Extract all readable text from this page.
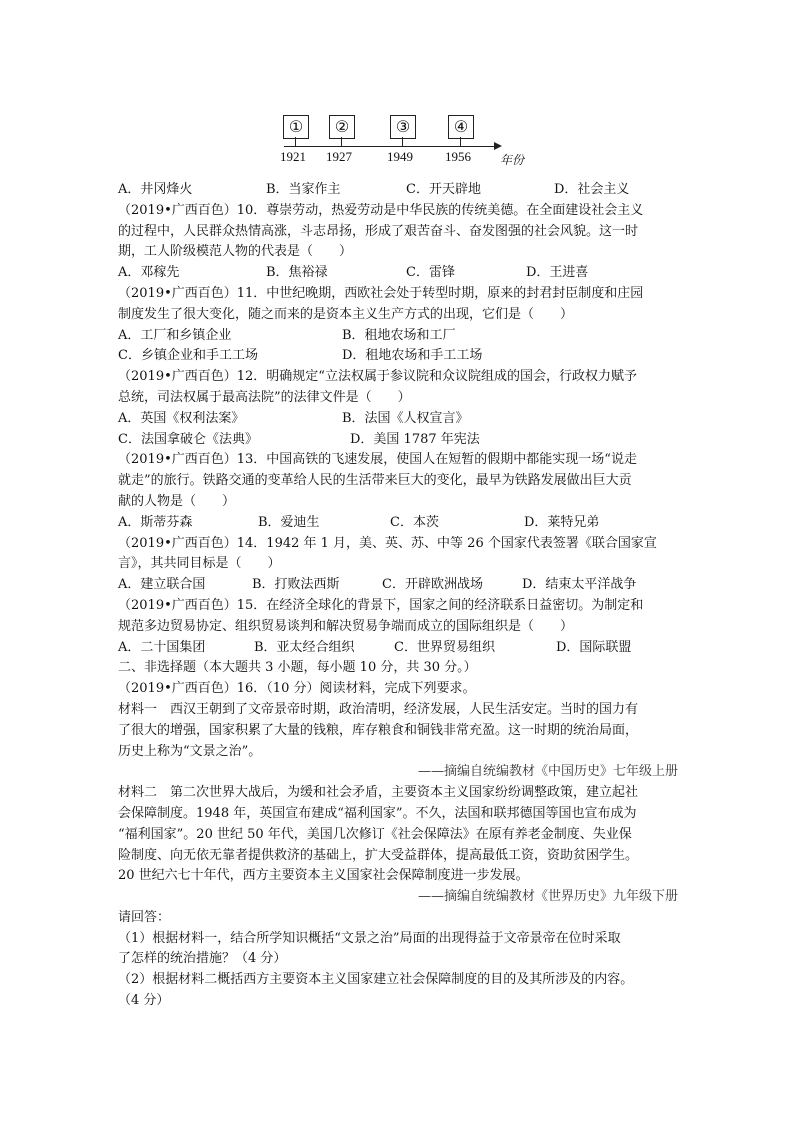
①
1921
②
1927
③
1949
④
1956 年份
A．井冈烽火	B．当家作主	C．开天辟地	D．社会主义
（2019•广西百色）10．尊崇劳动，热爱劳动是中华民族的传统美德。在全面建设社会主义
的过程中，人民群众热情高涨，斗志昂扬，形成了艰苦奋斗、奋发图强的社会风貌。这一时
期，工人阶级模范人物的代表是（　　）
A．邓稼先	B．焦裕禄	C．雷锋	D．王进喜
（2019•广西百色）11．中世纪晚期，西欧社会处于转型时期，原来的封君封臣制度和庄园
制度发生了很大变化，随之而来的是资本主义生产方式的出现，它们是（　　）
A．工厂和乡镇企业	B．租地农场和工厂
C．乡镇企业和手工工场	D．租地农场和手工工场
（2019•广西百色）12．明确规定“立法权属于参议院和众议院组成的国会，行政权力赋予
总统，司法权属于最高法院”的法律文件是（　　）
A．英国《权利法案》	B．法国《人权宣言》
C．法国拿破仑《法典》	D．美国 1787 年宪法
（2019•广西百色）13．中国高铁的飞速发展，使国人在短暂的假期中都能实现一场“说走
就走”的旅行。铁路交通的变革给人民的生活带来巨大的变化，最早为铁路发展做出巨大贡
献的人物是（　　）
A．斯蒂芬森	B．爱迪生	C．本茨	D．莱特兄弟
（2019•广西百色）14．1942 年 1 月，美、英、苏、中等 26 个国家代表签署《联合国家宣
言》，其共同目标是（　　）
A．建立联合国	B．打败法西斯	C．开辟欧洲战场	D．结束太平洋战争
（2019•广西百色）15．在经济全球化的背景下，国家之间的经济联系日益密切。为制定和
规范多边贸易协定、组织贸易谈判和解决贸易争端而成立的国际组织是（　　）
A．二十国集团	B．亚太经合组织	C．世界贸易组织	D．国际联盟
二、非选择题（本大题共 3 小题，每小题 10 分，共 30 分。）
（2019•广西百色）16．（10 分）阅读材料，完成下列要求。
材料一　西汉王朝到了文帝景帝时期，政治清明，经济发展，人民生活安定。当时的国力有
了很大的增强，国家积累了大量的钱粮，库存粮食和铜钱非常充盈。这一时期的统治局面，
历史上称为“文景之治”。
——摘编自统编教材《中国历史》七年级上册
材料二　第二次世界大战后，为缓和社会矛盾，主要资本主义国家纷纷调整政策，建立起社
会保障制度。1948 年，英国宣布建成“福利国家”。不久，法国和联邦德国等国也宣布成为
“福利国家”。20 世纪 50 年代，美国几次修订《社会保障法》在原有养老金制度、失业保
险制度、向无依无靠者提供救济的基础上，扩大受益群体，提高最低工资，资助贫困学生。
20 世纪六七十年代，西方主要资本主义国家社会保障制度进一步发展。
——摘编自统编教材《世界历史》九年级下册
请回答：
（1）根据材料一，结合所学知识概括“文景之治”局面的出现得益于文帝景帝在位时采取
了怎样的统治措施？（4 分）
（2）根据材料二概括西方主要资本主义国家建立社会保障制度的目的及其所涉及的内容。
（4 分）
